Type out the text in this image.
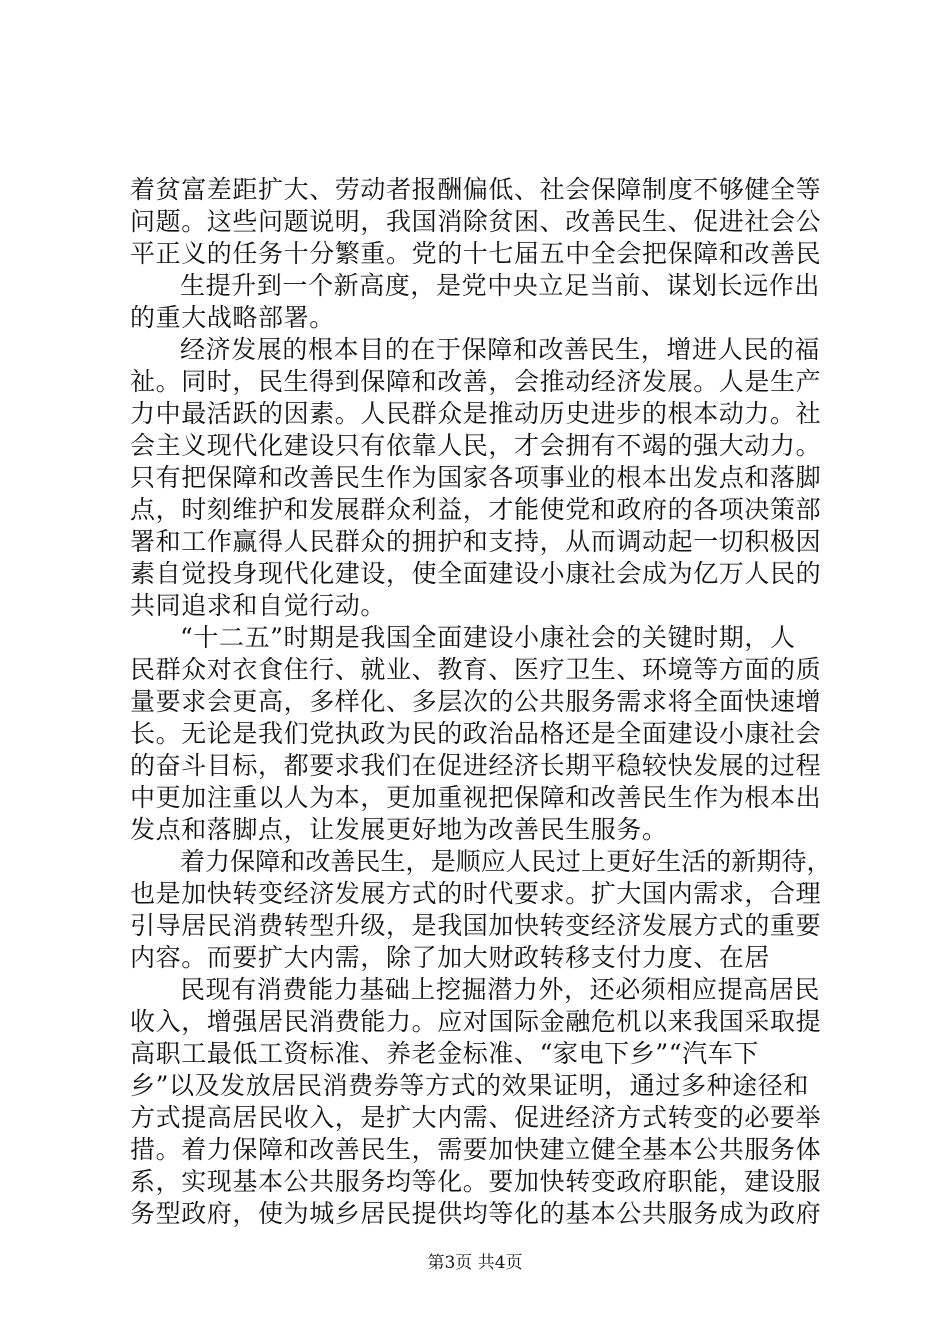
着贫富差距扩大、劳动者报酬偏低、社会保障制度不够健全等
问题。这些问题说明，我国消除贫困、改善民生、促进社会公
平正义的任务十分繁重。党的十七届五中全会把保障和改善民
生提升到一个新高度，是党中央立足当前、谋划长远作出
的重大战略部署。
经济发展的根本目的在于保障和改善民生，增进人民的福
祉。同时，民生得到保障和改善，会推动经济发展。人是生产
力中最活跃的因素。人民群众是推动历史进步的根本动力。社
会主义现代化建设只有依靠人民，才会拥有不竭的强大动力。
只有把保障和改善民生作为国家各项事业的根本出发点和落脚
点，时刻维护和发展群众利益，才能使党和政府的各项决策部
署和工作赢得人民群众的拥护和支持，从而调动起一切积极因
素自觉投身现代化建设，使全面建设小康社会成为亿万人民的
共同追求和自觉行动。
“十二五”时期是我国全面建设小康社会的关键时期，人
民群众对衣食住行、就业、教育、医疗卫生、环境等方面的质
量要求会更高，多样化、多层次的公共服务需求将全面快速增
长。无论是我们党执政为民的政治品格还是全面建设小康社会
的奋斗目标，都要求我们在促进经济长期平稳较快发展的过程
中更加注重以人为本，更加重视把保障和改善民生作为根本出
发点和落脚点，让发展更好地为改善民生服务。
着力保障和改善民生，是顺应人民过上更好生活的新期待，
也是加快转变经济发展方式的时代要求。扩大国内需求，合理
引导居民消费转型升级，是我国加快转变经济发展方式的重要
内容。而要扩大内需，除了加大财政转移支付力度、在居
民现有消费能力基础上挖掘潜力外，还必须相应提高居民
收入，增强居民消费能力。应对国际金融危机以来我国采取提
高职工最低工资标准、养老金标准、“家电下乡”“汽车下
乡”以及发放居民消费券等方式的效果证明，通过多种途径和
方式提高居民收入，是扩大内需、促进经济方式转变的必要举
措。着力保障和改善民生，需要加快建立健全基本公共服务体
系，实现基本公共服务均等化。要加快转变政府职能，建设服
务型政府，使为城乡居民提供均等化的基本公共服务成为政府
第3页 共4页
